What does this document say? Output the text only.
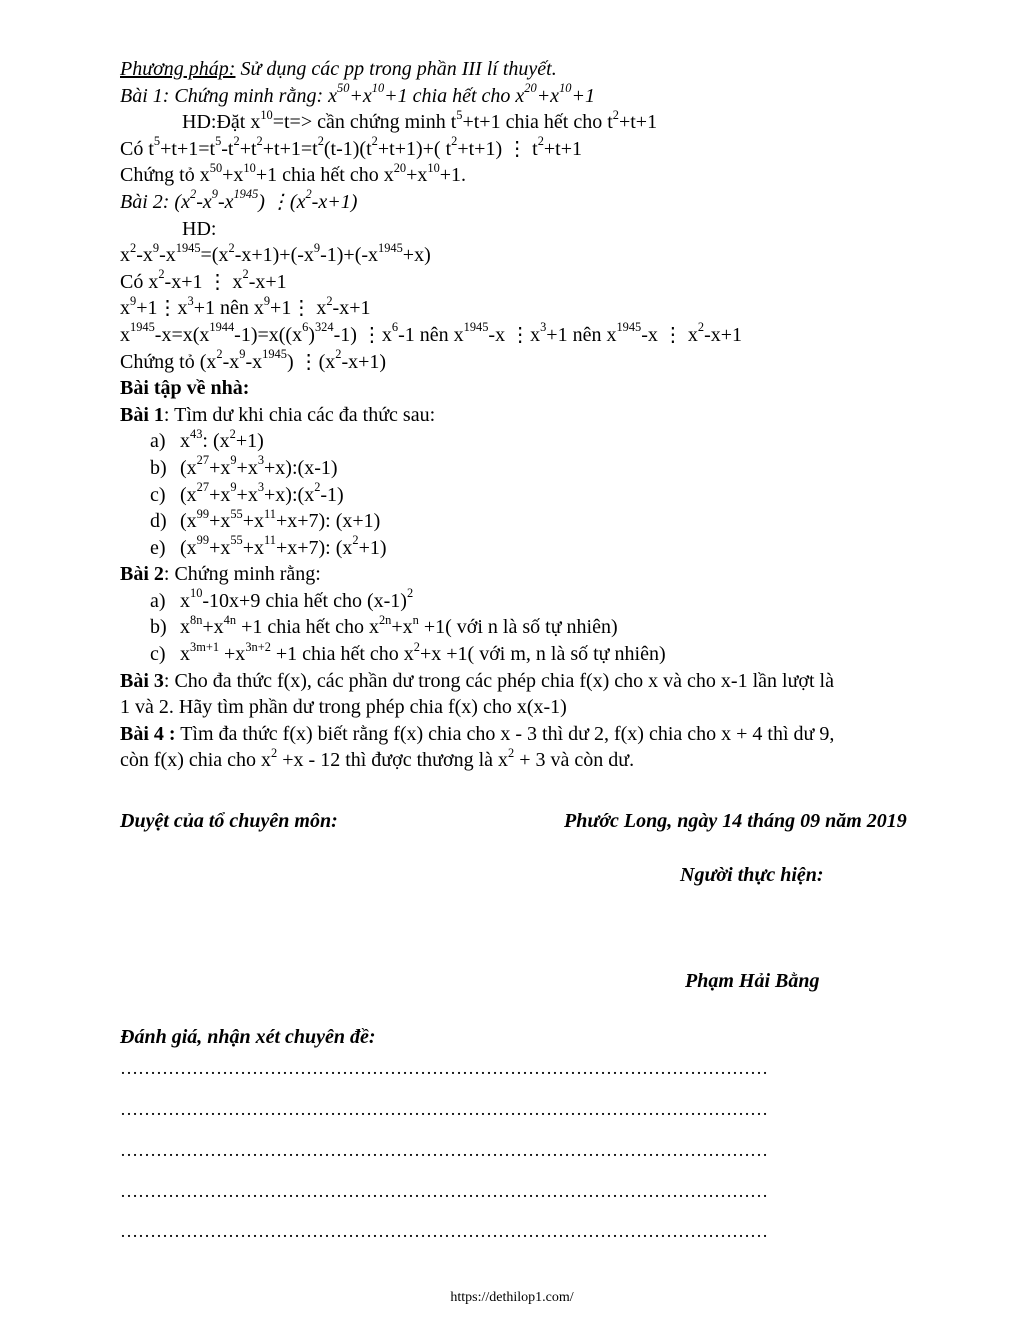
Phương pháp: Sử dụng các pp trong phần III lí thuyết.
Bài 1: Chứng minh rằng: $x^{50}+x^{10}+1$ chia hết cho $x^{20}+x^{10}+1$
HD:Đặt $x^{10}=t=>$ cần chứng minh $t^5+t+1$ chia hết cho $t^2+t+1$
Có $t^5+t+1=t^5-t^2+t^2+t+1=t^2(t-1)(t^2+t+1)+$( $t^2+t+1$) ⋮ $t^2+t+1$
Chứng tỏ $x^{50}+x^{10}+1$ chia hết cho $x^{20}+x^{10}+1$.
Bài 2: $(x^2-x^9-x^{1945})$ $⋮(x^2-x+1)$
HD:
$x^2-x^9-x^{1945}=(x^2-x+1)+(-x^9-1)+(-x^{1945}+x)$
Có $x^2-x+1$ ⋮ $x^2-x+1$
$x^9+1⋮x^3+1$ nên $x^9+1⋮$ $x^2-x+1$
$x^{1945}-x=x(x^{1944}-1)=x((x^6)^{324}-1)$ $⋮x^6-1$ nên $x^{1945}-x$ $⋮x^3+1$ nên $x^{1945}-x$ ⋮ $x^2-x+1$
Chứng tỏ $(x^2-x^9-x^{1945})$ $⋮(x^2-x+1)$
Bài tập về nhà:
Bài 1: Tìm dư khi chia các đa thức sau:
a) $x^{43}$: $(x^2+1)$
b) $(x^{27}+x^9+x^3+x):(x-1)$
c) $(x^{27}+x^9+x^3+x):(x^2-1)$
d) $(x^{99}+x^{55}+x^{11}+x+7)$: (x+1)
e) $(x^{99}+x^{55}+x^{11}+x+7)$: $(x^2+1)$
Bài 2: Chứng minh rằng:
a) $x^{10}-10x+9$ chia hết cho $(x-1)^2$
b) $x^{8n}+x^{4n} +1$ chia hết cho $x^{2n}+x^n +1$( với n là số tự nhiên)
c) $x^{3m+1} +x^{3n+2} +1$ chia hết cho $x^2+x +1$( với m, n là số tự nhiên)
Bài 3: Cho đa thức f(x), các phần dư trong các phép chia f(x) cho x và cho x-1 lần lượt là
1 và 2. Hãy tìm phần dư trong phép chia f(x) cho x(x-1)
Bài 4 : Tìm đa thức f(x) biết rằng f(x) chia cho x - 3 thì dư 2, f(x) chia cho x + 4 thì dư 9,
còn f(x) chia cho $x^2 +x - 12$ thì được thương là $x^2 + 3$ và còn dư.
Duyệt của tổ chuyên môn:	Phước Long, ngày 14 tháng 09 năm 2019
Người thực hiện:
Phạm Hải Bằng
Đánh giá, nhận xét chuyên đề:
………………………………………………………………………………………………
………………………………………………………………………………………………
………………………………………………………………………………………………
………………………………………………………………………………………………
………………………………………………………………………………………………
https://dethilop1.com/
